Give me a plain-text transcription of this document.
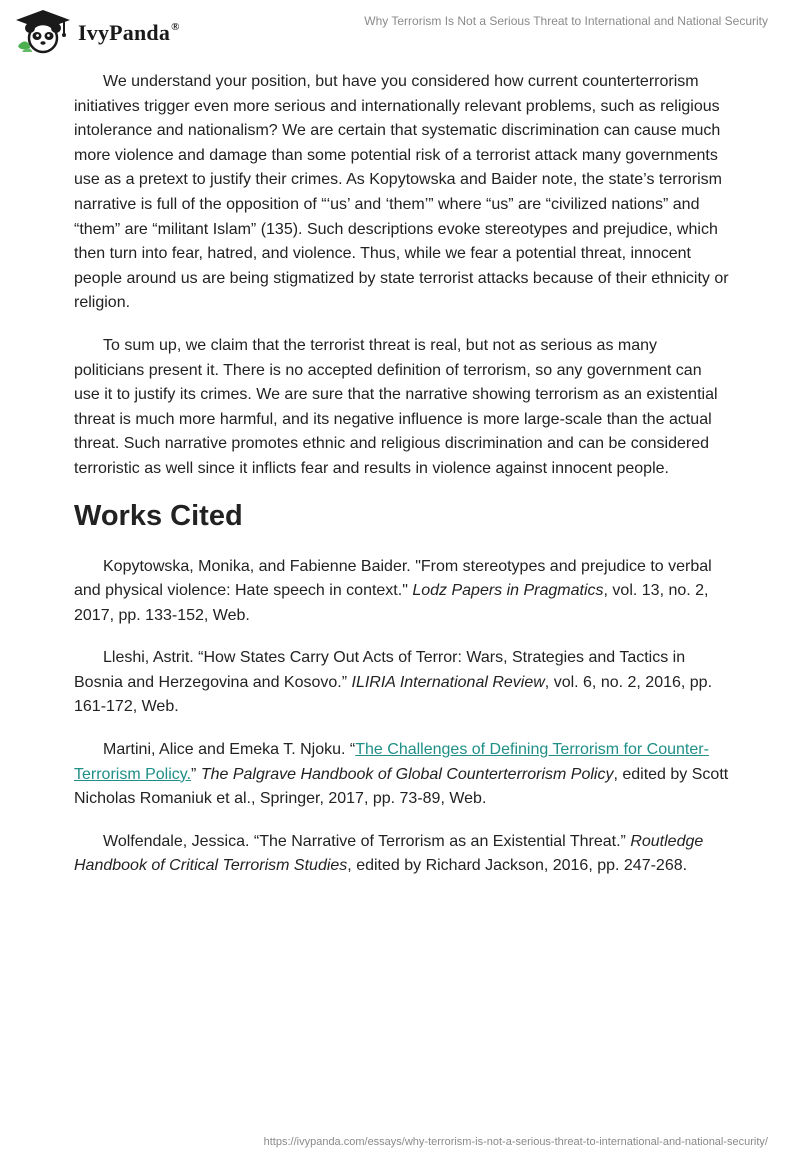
IvyPanda®	Why Terrorism Is Not a Serious Threat to International and National Security

We understand your position, but have you considered how current counterterrorism initiatives trigger even more serious and internationally relevant problems, such as religious intolerance and nationalism? We are certain that systematic discrimination can cause much more violence and damage than some potential risk of a terrorist attack many governments use as a pretext to justify their crimes. As Kopytowska and Baider note, the state’s terrorism narrative is full of the opposition of “‘us’ and ‘them’” where “us” are “civilized nations” and “them” are “militant Islam” (135). Such descriptions evoke stereotypes and prejudice, which then turn into fear, hatred, and violence. Thus, while we fear a potential threat, innocent people around us are being stigmatized by state terrorist attacks because of their ethnicity or religion.

To sum up, we claim that the terrorist threat is real, but not as serious as many politicians present it. There is no accepted definition of terrorism, so any government can use it to justify its crimes. We are sure that the narrative showing terrorism as an existential threat is much more harmful, and its negative influence is more large-scale than the actual threat. Such narrative promotes ethnic and religious discrimination and can be considered terroristic as well since it inflicts fear and results in violence against innocent people.

Works Cited

Kopytowska, Monika, and Fabienne Baider. "From stereotypes and prejudice to verbal and physical violence: Hate speech in context." Lodz Papers in Pragmatics, vol. 13, no. 2, 2017, pp. 133-152, Web.

Lleshi, Astrit. “How States Carry Out Acts of Terror: Wars, Strategies and Tactics in Bosnia and Herzegovina and Kosovo.” ILIRIA International Review, vol. 6, no. 2, 2016, pp. 161-172, Web.

Martini, Alice and Emeka T. Njoku. “The Challenges of Defining Terrorism for Counter-Terrorism Policy.” The Palgrave Handbook of Global Counterterrorism Policy, edited by Scott Nicholas Romaniuk et al., Springer, 2017, pp. 73-89, Web.

Wolfendale, Jessica. “The Narrative of Terrorism as an Existential Threat.” Routledge Handbook of Critical Terrorism Studies, edited by Richard Jackson, 2016, pp. 247-268.

https://ivypanda.com/essays/why-terrorism-is-not-a-serious-threat-to-international-and-national-security/
